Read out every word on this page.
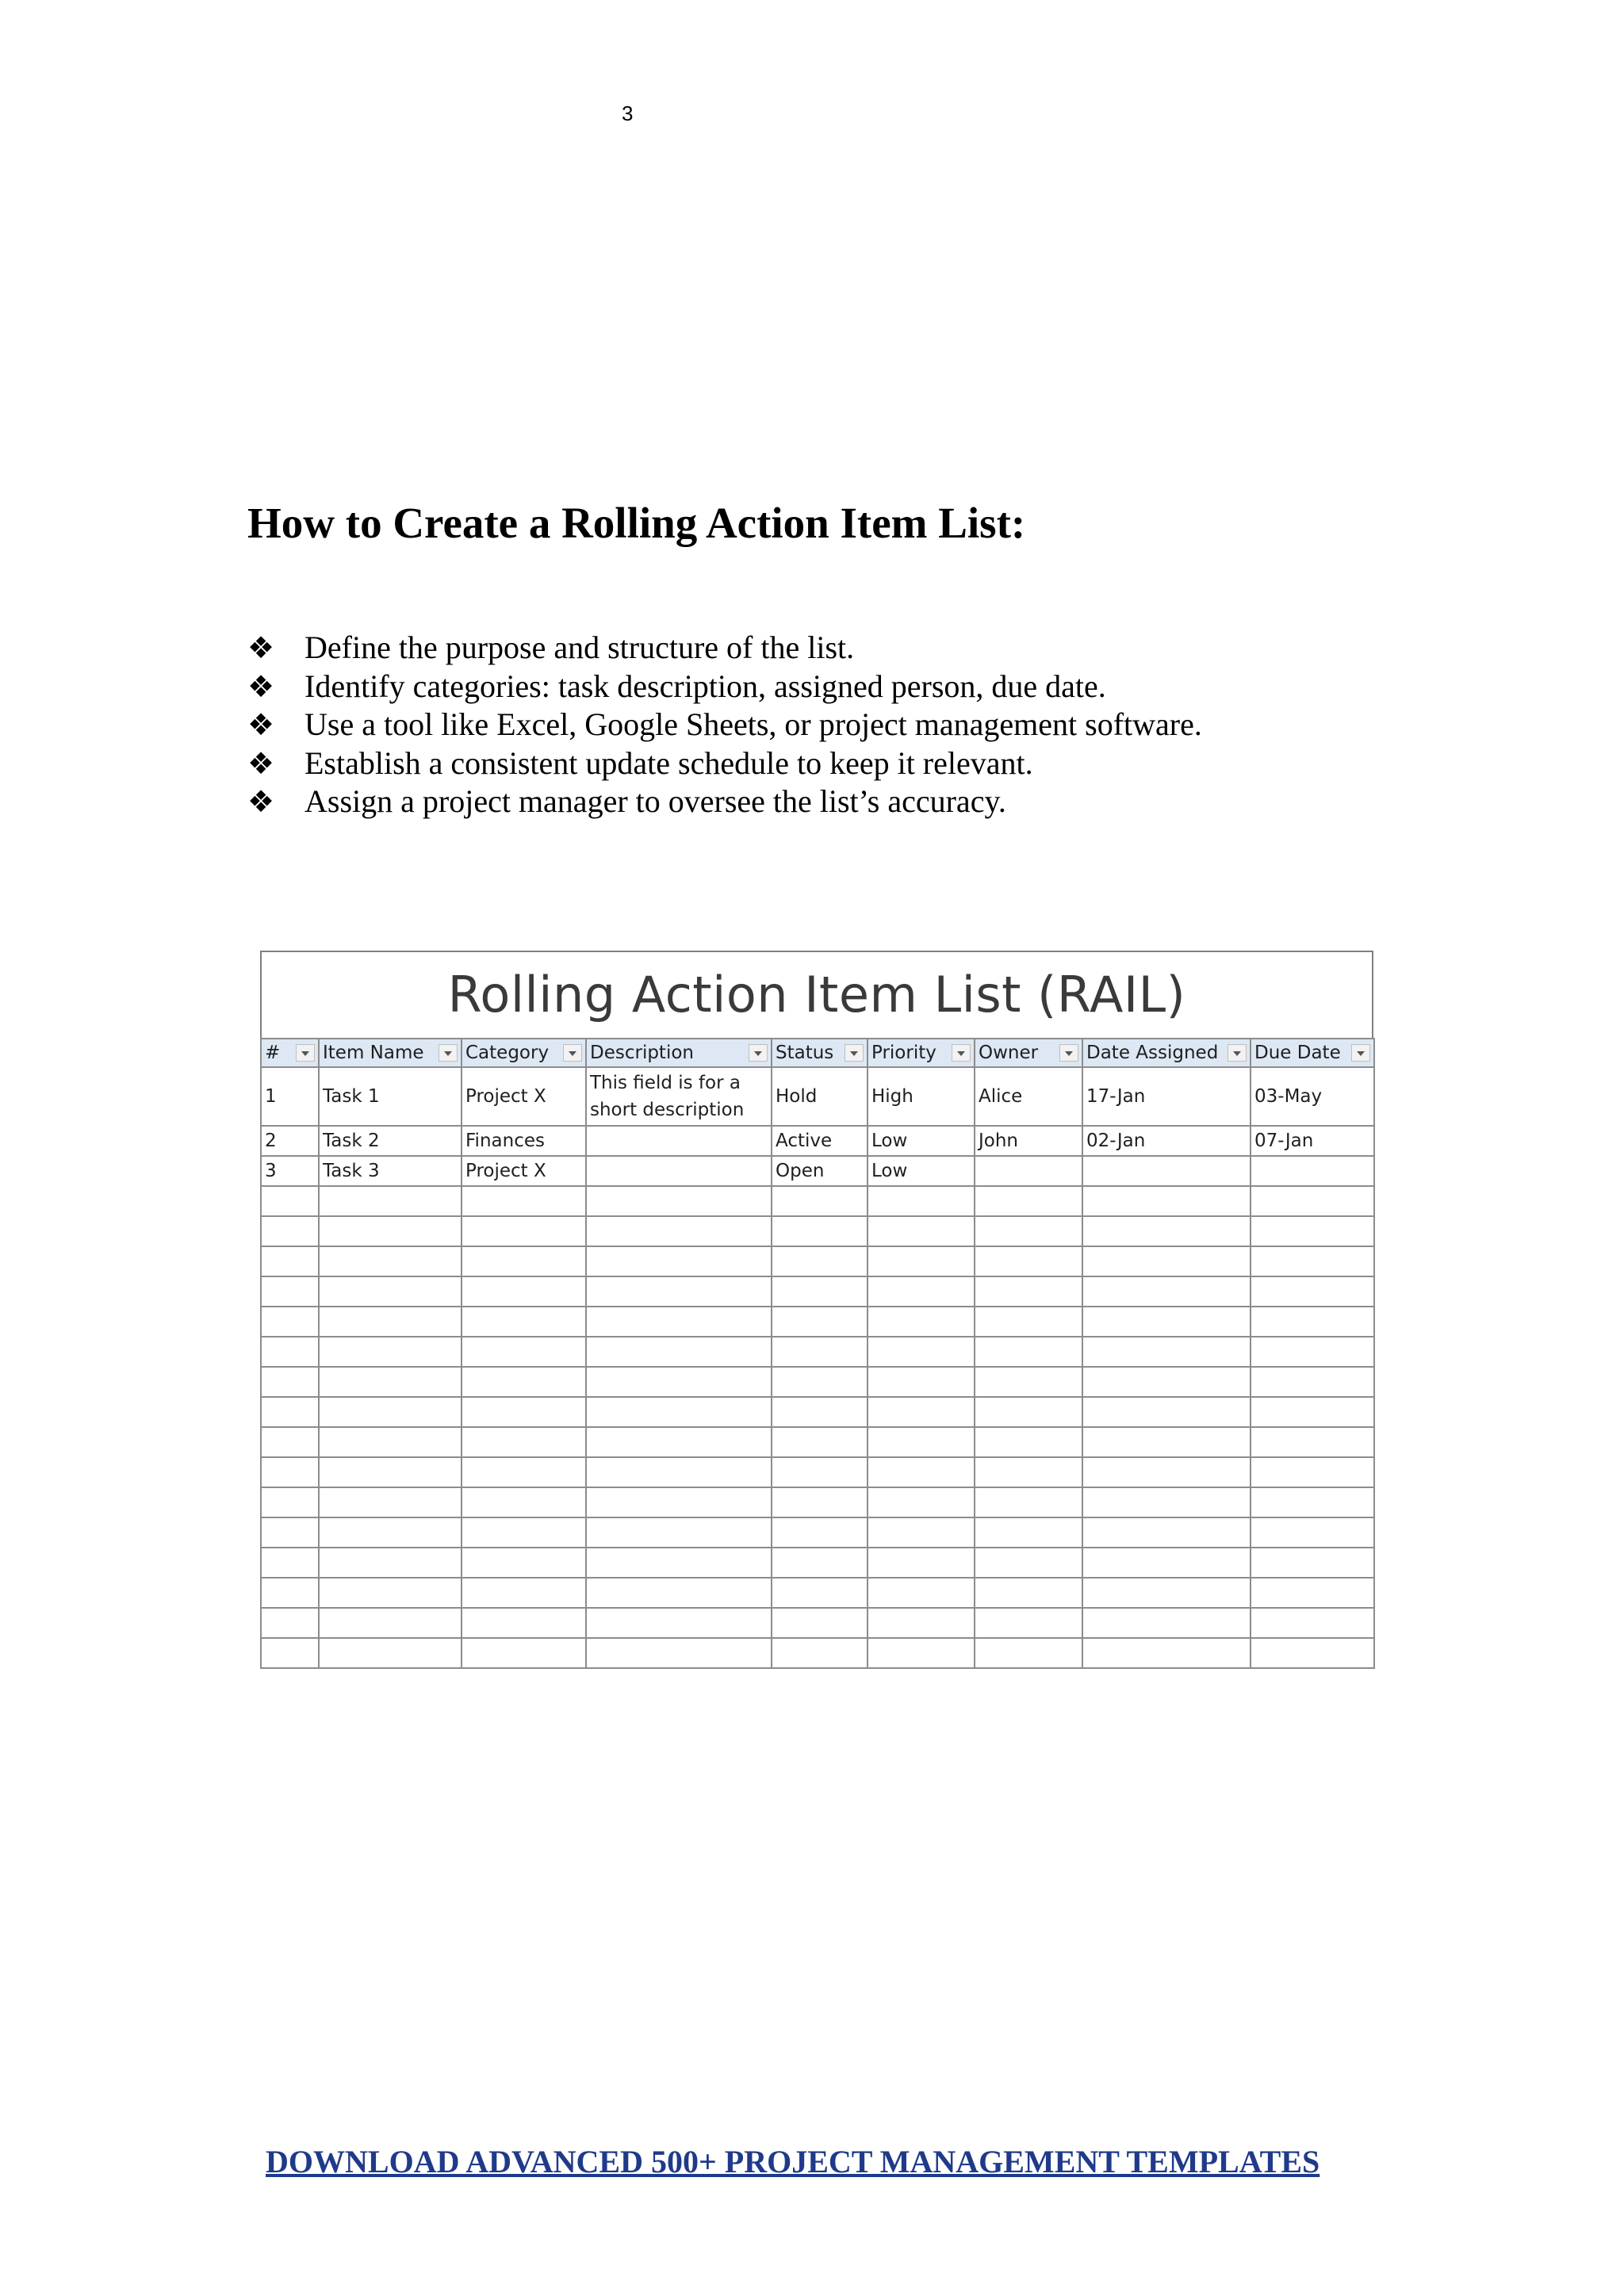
3
How to Create a Rolling Action Item List:
❖ Define the purpose and structure of the list.
❖ Identify categories: task description, assigned person, due date.
❖ Use a tool like Excel, Google Sheets, or project management software.
❖ Establish a consistent update schedule to keep it relevant.
❖ Assign a project manager to oversee the list’s accuracy.
Rolling Action Item List (RAIL)
#	Item Name	Category	Description	Status	Priority	Owner	Date Assigned	Due Date

1	Task 1	Project X	This field is for a short description	Hold	High	Alice	17-Jan	03-May
2	Task 2	Finances		Active	Low	John	02-Jan	07-Jan
3	Task 3	Project X		Open	Low			

DOWNLOAD ADVANCED 500+ PROJECT MANAGEMENT TEMPLATES
